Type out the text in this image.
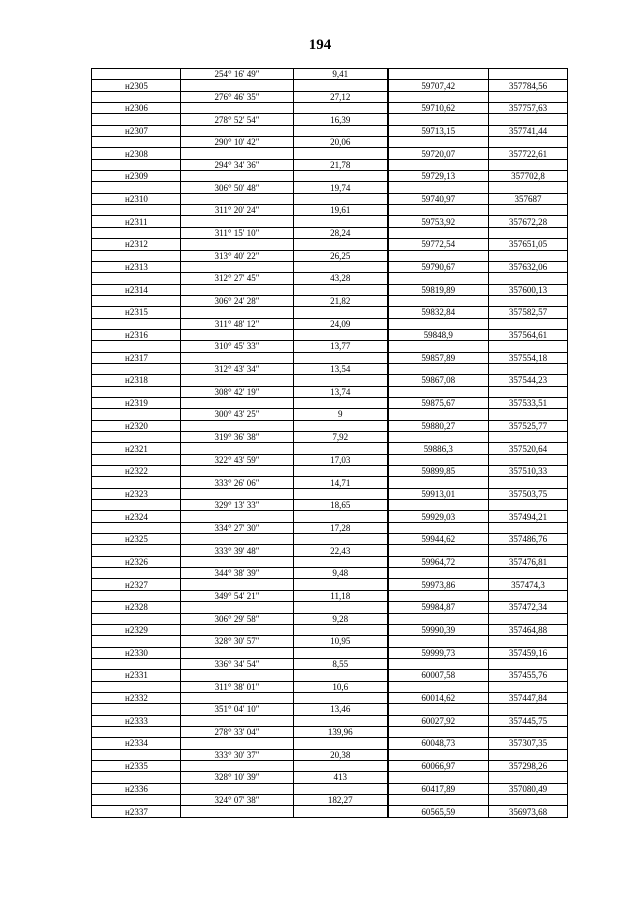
194
	254° 16' 49"	9,41		
н2305			59707,42	357784,56
	276° 46' 35"	27,12		
н2306			59710,62	357757,63
	278° 52' 54"	16,39		
н2307			59713,15	357741,44
	290° 10' 42"	20,06		
н2308			59720,07	357722,61
	294° 34' 36"	21,78		
н2309			59729,13	357702,8
	306° 50' 48"	19,74		
н2310			59740,97	357687
	311° 20' 24"	19,61		
н2311			59753,92	357672,28
	311° 15' 10"	28,24		
н2312			59772,54	357651,05
	313° 40' 22"	26,25		
н2313			59790,67	357632,06
	312° 27' 45"	43,28		
н2314			59819,89	357600,13
	306° 24' 28"	21,82		
н2315			59832,84	357582,57
	311° 48' 12"	24,09		
н2316			59848,9	357564,61
	310° 45' 33"	13,77		
н2317			59857,89	357554,18
	312° 43' 34"	13,54		
н2318			59867,08	357544,23
	308° 42' 19"	13,74		
н2319			59875,67	357533,51
	300° 43' 25"	9		
н2320			59880,27	357525,77
	319° 36' 38"	7,92		
н2321			59886,3	357520,64
	322° 43' 59"	17,03		
н2322			59899,85	357510,33
	333° 26' 06"	14,71		
н2323			59913,01	357503,75
	329° 13' 33"	18,65		
н2324			59929,03	357494,21
	334° 27' 30"	17,28		
н2325			59944,62	357486,76
	333° 39' 48"	22,43		
н2326			59964,72	357476,81
	344° 38' 39"	9,48		
н2327			59973,86	357474,3
	349° 54' 21"	11,18		
н2328			59984,87	357472,34
	306° 29' 58"	9,28		
н2329			59990,39	357464,88
	328° 30' 57"	10,95		
н2330			59999,73	357459,16
	336° 34' 54"	8,55		
н2331			60007,58	357455,76
	311° 38' 01"	10,6		
н2332			60014,62	357447,84
	351° 04' 10"	13,46		
н2333			60027,92	357445,75
	278° 33' 04"	139,96		
н2334			60048,73	357307,35
	333° 30' 37"	20,38		
н2335			60066,97	357298,26
	328° 10' 39"	413		
н2336			60417,89	357080,49
	324° 07' 38"	182,27		
н2337			60565,59	356973,68
